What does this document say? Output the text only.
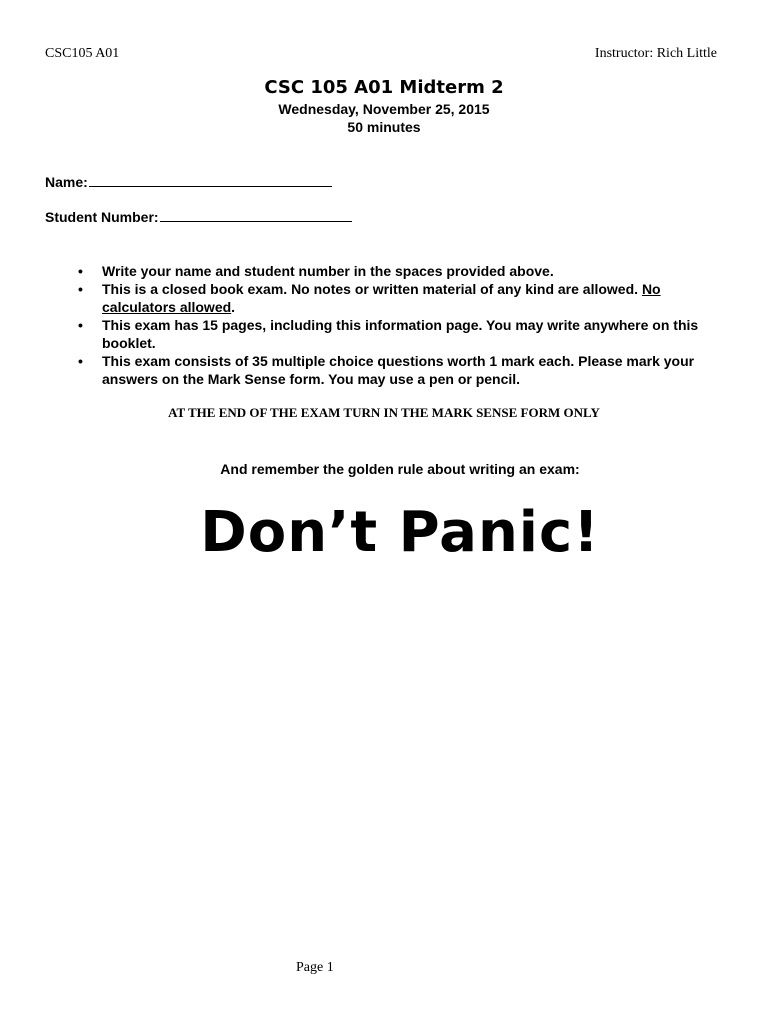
CSC105 A01	Instructor: Rich Little
CSC 105 A01 Midterm 2
Wednesday, November 25, 2015
50 minutes
Name:
Student Number:
• Write your name and student number in the spaces provided above.
• This is a closed book exam. No notes or written material of any kind are allowed. No calculators allowed.
• This exam has 15 pages, including this information page. You may write anywhere on this booklet.
• This exam consists of 35 multiple choice questions worth 1 mark each. Please mark your answers on the Mark Sense form. You may use a pen or pencil.
AT THE END OF THE EXAM TURN IN THE MARK SENSE FORM ONLY
And remember the golden rule about writing an exam:
Don’t Panic!
Page 1
